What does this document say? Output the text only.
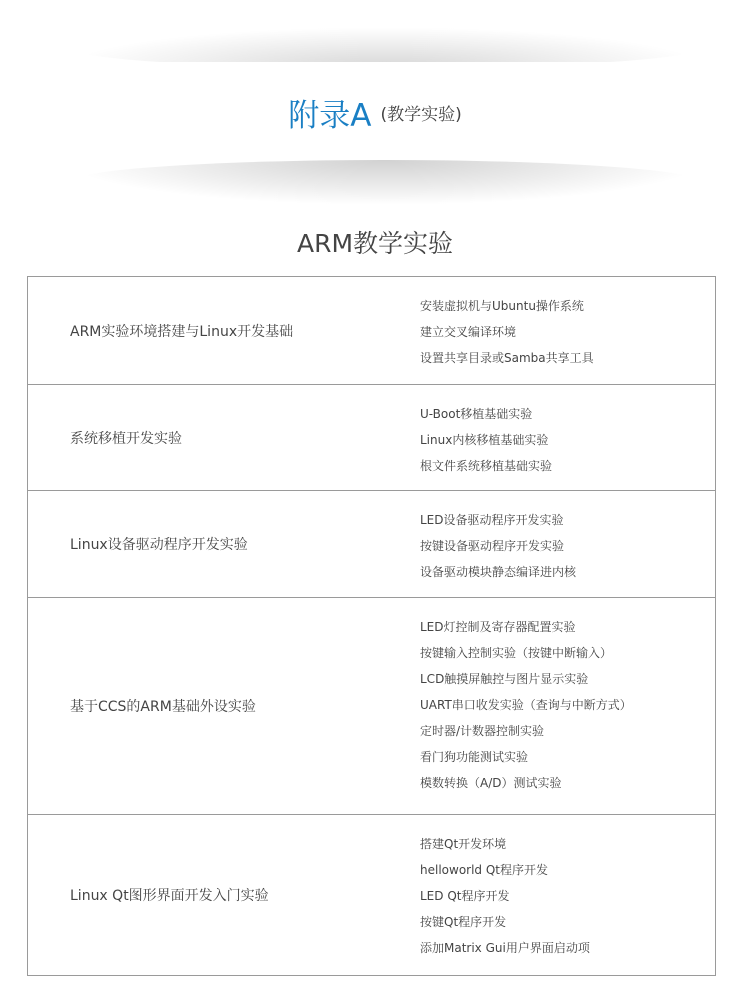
附录A (教学实验)
ARM教学实验
ARM实验环境搭建与Linux开发基础
安装虚拟机与Ubuntu操作系统
建立交叉编译环境
设置共享目录或Samba共享工具
系统移植开发实验
U-Boot移植基础实验
Linux内核移植基础实验
根文件系统移植基础实验
Linux设备驱动程序开发实验
LED设备驱动程序开发实验
按键设备驱动程序开发实验
设备驱动模块静态编译进内核
基于CCS的ARM基础外设实验
LED灯控制及寄存器配置实验
按键输入控制实验（按键中断输入）
LCD触摸屏触控与图片显示实验
UART串口收发实验（查询与中断方式）
定时器/计数器控制实验
看门狗功能测试实验
模数转换（A/D）测试实验
Linux Qt图形界面开发入门实验
搭建Qt开发环境
helloworld Qt程序开发
LED Qt程序开发
按键Qt程序开发
添加Matrix Gui用户界面启动项
